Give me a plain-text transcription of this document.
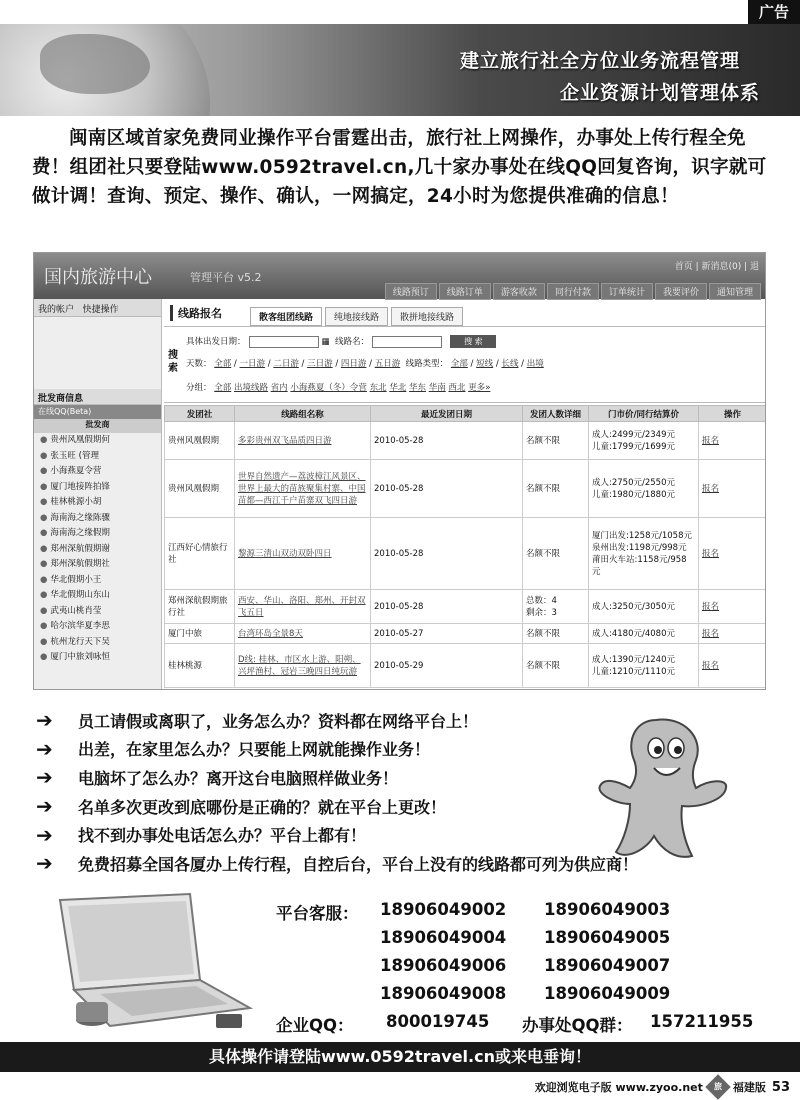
广告
建立旅行社全方位业务流程管理
企业资源计划管理体系
闽南区域首家免费同业操作平台雷霆出击，旅行社上网操作，办事处上传行程全免费！组团社只要登陆www.0592travel.cn,几十家办事处在线QQ回复咨询，识字就可做计调！查询、预定、操作、确认，一网搞定，24小时为您提供准确的信息！
国内旅游中心	管理平台 v5.2
首页 | 新消息(0) | 退
线路预订	线路订单	游客收款	同行付款	订单统计	我要评价	通知管理
我的帐户 快捷操作
批发商信息
在线QQ(Beta)
批发商
● 贵州风凰假期何
● 张玉旺 (管理
● 小海燕夏令营
● 厦门地接阵拍锋
● 桂林桃源小胡
● 海南海之缘陈骤
● 海南海之缘假期
● 郑州深航假期谢
● 郑州深航假期社
● 华北假期小王
● 华北假期山东山
● 武夷山桃肖莹
● 哈尔滨华夏李思
● 杭州龙行天下吴
● 厦门中旅刘咏恒
线路报名	散客组团线路	纯地接线路	散拼地接线路
搜索
具体出发日期：	▦ 线路名：	搜 索
天数： 全部 / 一日游 / 二日游 / 三日游 / 四日游 / 五日游 线路类型： 全部 / 短线 / 长线 / 出境
分组： 全部 出境线路 省内 小海燕夏（冬）令营 东北 华北 华东 华南 西北 更多»
发团社	线路组名称	最近发团日期	发团人数详细	门市价/同行结算价	操作
贵州风凰假期	多彩贵州双飞品质四日游	2010-05-28	名额不限	成人:2499元/2349元
儿童:1799元/1699元	报名
贵州风凰假期	世界自然遗产—荔波樟江风景区、世界上最大的苗族聚集村寨、中国苗都—西江千户苗寨双飞四日游	2010-05-28	名额不限	成人:2750元/2550元
儿童:1980元/1880元	报名
江西好心情旅行社	黎源三清山双动双卧四日	2010-05-28	名额不限	厦门出发:1258元/1058元
泉州出发:1198元/998元
莆田火车站:1158元/958元	报名
郑州深航假期旅行社	西安、华山、洛阳、郑州、开封双飞五日	2010-05-28	总数：4
剩余：3	成人:3250元/3050元	报名
厦门中旅	台湾环岛全景8天	2010-05-27	名额不限	成人:4180元/4080元	报名
桂林桃源	D线: 桂林、市区水上游、阳朔、兴坪渔村、冠岩三晚四日纯玩游	2010-05-29	名额不限	成人:1390元/1240元
儿童:1210元/1110元	报名
➔	员工请假或离职了，业务怎么办？资料都在网络平台上！
➔	出差，在家里怎么办？只要能上网就能操作业务！
➔	电脑坏了怎么办？离开这台电脑照样做业务！
➔	名单多次更改到底哪份是正确的？就在平台上更改！
➔	找不到办事处电话怎么办？平台上都有！
➔	免费招募全国各厦办上传行程，自控后台，平台上没有的线路都可列为供应商！
平台客服： 18906049002 18906049003
18906049004 18906049005
18906049006 18906049007
18906049008 18906049009
企业QQ： 800019745 办事处QQ群： 157211955
具体操作请登陆www.0592travel.cn或来电垂询！
欢迎浏览电子版 www.zyoo.net	旅	福建版 53
